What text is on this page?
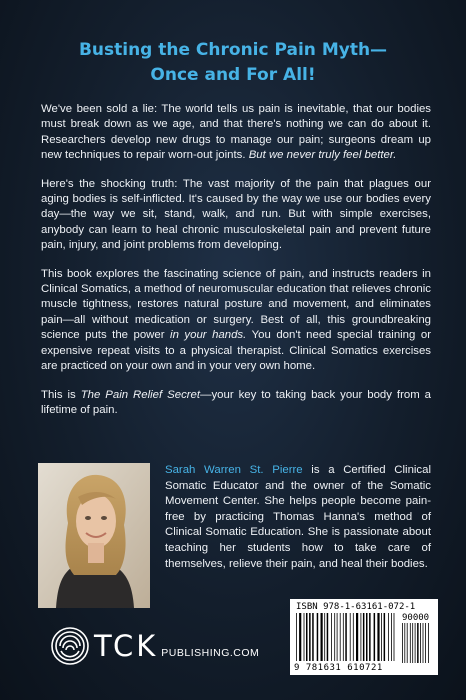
Busting the Chronic Pain Myth—
Once and For All!

We've been sold a lie: The world tells us pain is inevitable, that our bodies must break down as we age, and that there's nothing we can do about it. Researchers develop new drugs to manage our pain; surgeons dream up new techniques to repair worn-out joints. But we never truly feel better.

Here's the shocking truth: The vast majority of the pain that plagues our aging bodies is self-inflicted. It's caused by the way we use our bodies every day—the way we sit, stand, walk, and run. But with simple exercises, anybody can learn to heal chronic musculoskeletal pain and prevent future pain, injury, and joint problems from developing.

This book explores the fascinating science of pain, and instructs readers in Clinical Somatics, a method of neuromuscular education that relieves chronic muscle tightness, restores natural posture and movement, and eliminates pain—all without medication or surgery. Best of all, this groundbreaking science puts the power in your hands. You don't need special training or expensive repeat visits to a physical therapist. Clinical Somatics exercises are practiced on your own and in your very own home.

This is The Pain Relief Secret—your key to taking back your body from a lifetime of pain.

Sarah Warren St. Pierre is a Certified Clinical Somatic Educator and the owner of the Somatic Movement Center. She helps people become pain-free by practicing Thomas Hanna's method of Clinical Somatic Education. She is passionate about teaching her students how to take care of themselves, relieve their pain, and heal their bodies.
TCK PUBLISHING.COM
ISBN 978-1-63161-072-1
90000
9 781631 610721
